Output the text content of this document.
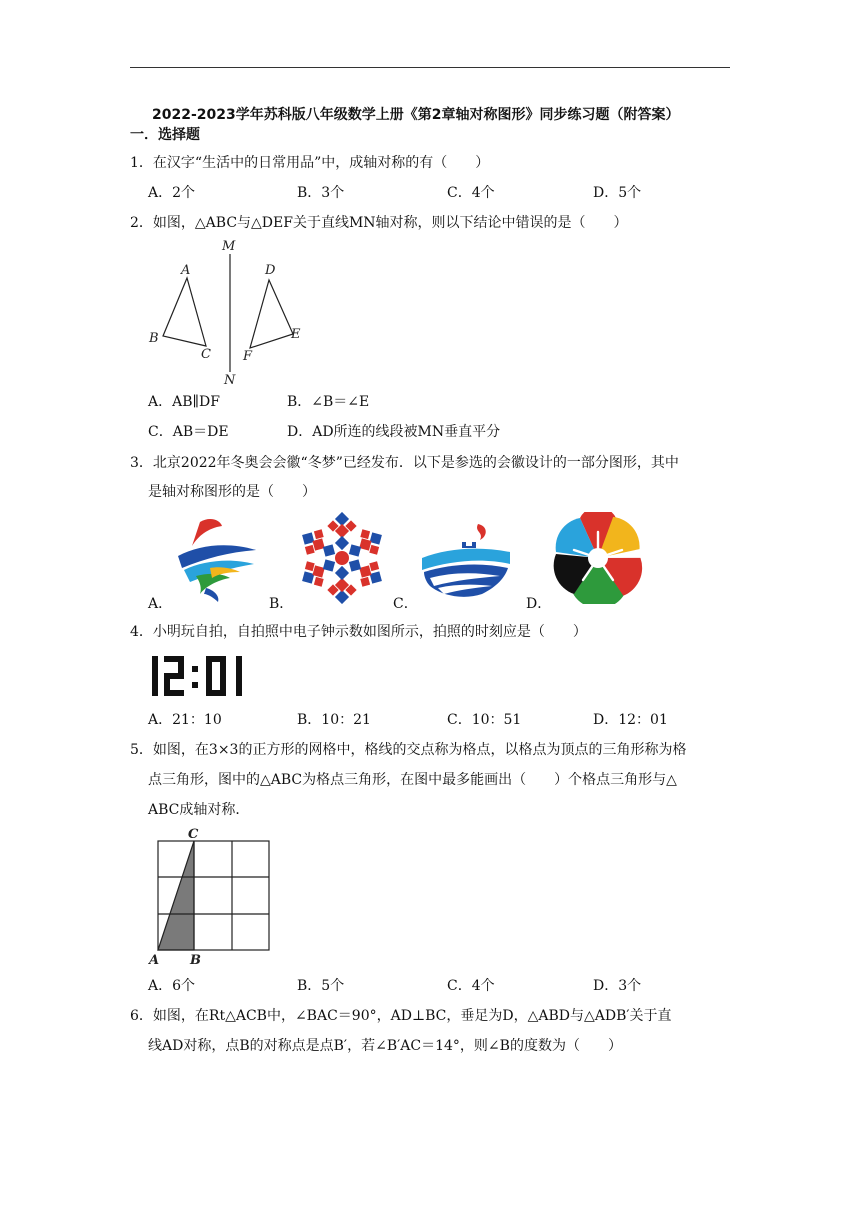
2022-2023学年苏科版八年级数学上册《第2章轴对称图形》同步练习题（附答案）
一．选择题
1．在汉字“生活中的日常用品”中，成轴对称的有（　　）
A．2个	B．3个	C．4个	D．5个
2．如图，△ABC与△DEF关于直线MN轴对称，则以下结论中错误的是（　　）
M
A	D
B
C
E
F
N
A．AB∥DF	B．∠B＝∠E
C．AB＝DE	D．AD所连的线段被MN垂直平分
3．北京2022年冬奥会会徽“冬梦”已经发布．以下是参选的会徽设计的一部分图形，其中
是轴对称图形的是（　　）
A．	B．	C．	D．
4．小明玩自拍，自拍照中电子钟示数如图所示，拍照的时刻应是（　　）
A．21：10	B．10：21	C．10：51	D．12：01
5．如图，在3×3的正方形的网格中，格线的交点称为格点，以格点为顶点的三角形称为格
点三角形，图中的△ABC为格点三角形，在图中最多能画出（　　）个格点三角形与△
ABC成轴对称．
C
A B
A．6个	B．5个	C．4个	D．3个
6．如图，在Rt△ACB中，∠BAC＝90°，AD⊥BC，垂足为D，△ABD与△ADB′关于直
线AD对称，点B的对称点是点B′，若∠B′AC＝14°，则∠B的度数为（　　）
